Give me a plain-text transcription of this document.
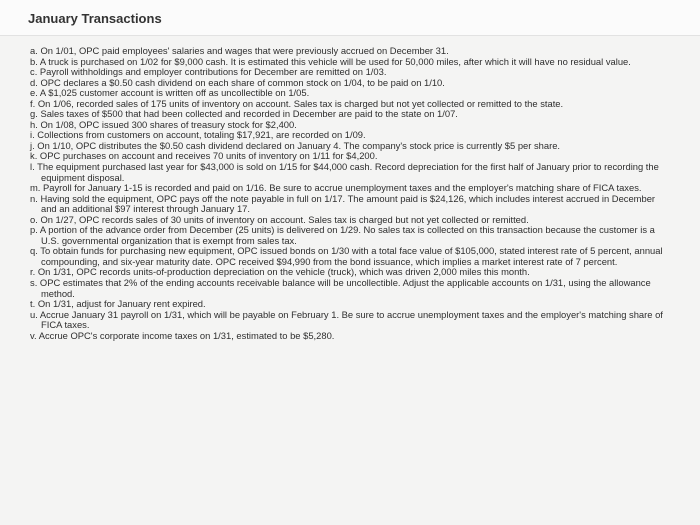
January Transactions
a. On 1/01, OPC paid employees' salaries and wages that were previously accrued on December 31.
b. A truck is purchased on 1/02 for $9,000 cash. It is estimated this vehicle will be used for 50,000 miles, after which it will have no residual value.
c. Payroll withholdings and employer contributions for December are remitted on 1/03.
d. OPC declares a $0.50 cash dividend on each share of common stock on 1/04, to be paid on 1/10.
e. A $1,025 customer account is written off as uncollectible on 1/05.
f. On 1/06, recorded sales of 175 units of inventory on account. Sales tax is charged but not yet collected or remitted to the state.
g. Sales taxes of $500 that had been collected and recorded in December are paid to the state on 1/07.
h. On 1/08, OPC issued 300 shares of treasury stock for $2,400.
i. Collections from customers on account, totaling $17,921, are recorded on 1/09.
j. On 1/10, OPC distributes the $0.50 cash dividend declared on January 4. The company's stock price is currently $5 per share.
k. OPC purchases on account and receives 70 units of inventory on 1/11 for $4,200.
l. The equipment purchased last year for $43,000 is sold on 1/15 for $44,000 cash. Record depreciation for the first half of January prior to recording the equipment disposal.
m. Payroll for January 1-15 is recorded and paid on 1/16. Be sure to accrue unemployment taxes and the employer's matching share of FICA taxes.
n. Having sold the equipment, OPC pays off the note payable in full on 1/17. The amount paid is $24,126, which includes interest accrued in December and an additional $97 interest through January 17.
o. On 1/27, OPC records sales of 30 units of inventory on account. Sales tax is charged but not yet collected or remitted.
p. A portion of the advance order from December (25 units) is delivered on 1/29. No sales tax is collected on this transaction because the customer is a U.S. governmental organization that is exempt from sales tax.
q. To obtain funds for purchasing new equipment, OPC issued bonds on 1/30 with a total face value of $105,000, stated interest rate of 5 percent, annual compounding, and six-year maturity date. OPC received $94,990 from the bond issuance, which implies a market interest rate of 7 percent.
r. On 1/31, OPC records units-of-production depreciation on the vehicle (truck), which was driven 2,000 miles this month.
s. OPC estimates that 2% of the ending accounts receivable balance will be uncollectible. Adjust the applicable accounts on 1/31, using the allowance method.
t. On 1/31, adjust for January rent expired.
u. Accrue January 31 payroll on 1/31, which will be payable on February 1. Be sure to accrue unemployment taxes and the employer's matching share of FICA taxes.
v. Accrue OPC's corporate income taxes on 1/31, estimated to be $5,280.
